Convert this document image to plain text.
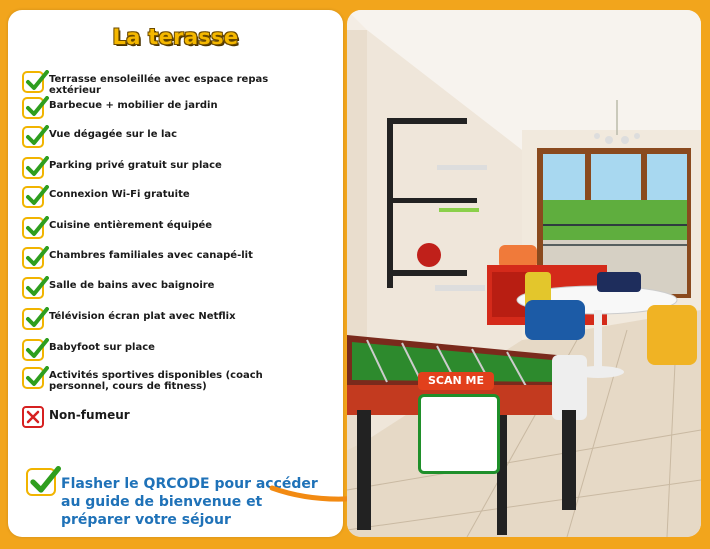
La terasse
Terrasse ensoleillée avec espace repas extérieur
Barbecue + mobilier de jardin
Vue dégagée sur le lac
Parking privé gratuit sur place
Connexion Wi-Fi gratuite
Cuisine entièrement équipée
Chambres familiales avec canapé-lit
Salle de bains avec baignoire
Télévision écran plat avec Netflix
Babyfoot sur place
Activités sportives disponibles (coach personnel, cours de fitness)
Non-fumeur
Flasher le QRCODE pour accéder au guide de bienvenue et préparer votre séjour
SCAN ME
